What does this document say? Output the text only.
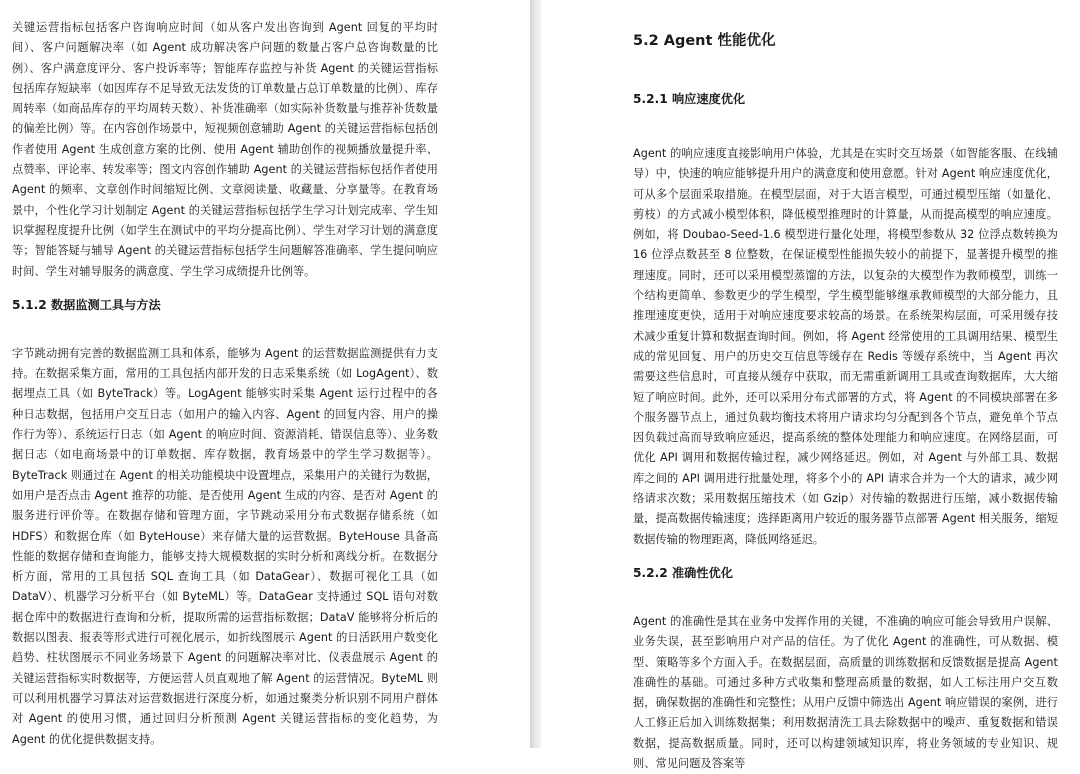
关键运营指标包括客户咨询响应时间（如从客户发出咨询到 Agent 回复的平均时间）、客户问题解决率（如 Agent 成功解决客户问题的数量占客户总咨询数量的比例）、客户满意度评分、客户投诉率等；智能库存监控与补货 Agent 的关键运营指标包括库存短缺率（如因库存不足导致无法发货的订单数量占总订单数量的比例）、库存周转率（如商品库存的平均周转天数）、补货准确率（如实际补货数量与推荐补货数量的偏差比例）等。在内容创作场景中，短视频创意辅助 Agent 的关键运营指标包括创作者使用 Agent 生成创意方案的比例、使用 Agent 辅助创作的视频播放量提升率、点赞率、评论率、转发率等；图文内容创作辅助 Agent 的关键运营指标包括作者使用 Agent 的频率、文章创作时间缩短比例、文章阅读量、收藏量、分享量等。在教育场景中，个性化学习计划制定 Agent 的关键运营指标包括学生学习计划完成率、学生知识掌握程度提升比例（如学生在测试中的平均分提高比例）、学生对学习计划的满意度等；智能答疑与辅导 Agent 的关键运营指标包括学生问题解答准确率、学生提问响应时间、学生对辅导服务的满意度、学生学习成绩提升比例等。

5.1.2 数据监测工具与方法

字节跳动拥有完善的数据监测工具和体系，能够为 Agent 的运营数据监测提供有力支持。在数据采集方面，常用的工具包括内部开发的日志采集系统（如 LogAgent）、数据埋点工具（如 ByteTrack）等。LogAgent 能够实时采集 Agent 运行过程中的各种日志数据，包括用户交互日志（如用户的输入内容、Agent 的回复内容、用户的操作行为等）、系统运行日志（如 Agent 的响应时间、资源消耗、错误信息等）、业务数据日志（如电商场景中的订单数据、库存数据，教育场景中的学生学习数据等）。ByteTrack 则通过在 Agent 的相关功能模块中设置埋点，采集用户的关键行为数据，如用户是否点击 Agent 推荐的功能、是否使用 Agent 生成的内容、是否对 Agent 的服务进行评价等。在数据存储和管理方面，字节跳动采用分布式数据存储系统（如 HDFS）和数据仓库（如 ByteHouse）来存储大量的运营数据。ByteHouse 具备高性能的数据存储和查询能力，能够支持大规模数据的实时分析和离线分析。在数据分析方面，常用的工具包括 SQL 查询工具（如 DataGear）、数据可视化工具（如 DataV）、机器学习分析平台（如 ByteML）等。DataGear 支持通过 SQL 语句对数据仓库中的数据进行查询和分析，提取所需的运营指标数据；DataV 能够将分析后的数据以图表、报表等形式进行可视化展示，如折线图展示 Agent 的日活跃用户数变化趋势、柱状图展示不同业务场景下 Agent 的问题解决率对比、仪表盘展示 Agent 的关键运营指标实时数据等，方便运营人员直观地了解 Agent 的运营情况。ByteML 则可以利用机器学习算法对运营数据进行深度分析，如通过聚类分析识别不同用户群体对 Agent 的使用习惯，通过回归分析预测 Agent 关键运营指标的变化趋势，为 Agent 的优化提供数据支持。

5.2 Agent 性能优化
5.2.1 响应速度优化

Agent 的响应速度直接影响用户体验，尤其是在实时交互场景（如智能客服、在线辅导）中，快速的响应能够提升用户的满意度和使用意愿。针对 Agent 响应速度优化，可从多个层面采取措施。在模型层面，对于大语言模型，可通过模型压缩（如量化、剪枝）的方式减小模型体积，降低模型推理时的计算量，从而提高模型的响应速度。例如，将 Doubao-Seed-1.6 模型进行量化处理，将模型参数从 32 位浮点数转换为 16 位浮点数甚至 8 位整数，在保证模型性能损失较小的前提下，显著提升模型的推理速度。同时，还可以采用模型蒸馏的方法，以复杂的大模型作为教师模型，训练一个结构更简单、参数更少的学生模型，学生模型能够继承教师模型的大部分能力，且推理速度更快，适用于对响应速度要求较高的场景。在系统架构层面，可采用缓存技术减少重复计算和数据查询时间。例如，将 Agent 经常使用的工具调用结果、模型生成的常见回复、用户的历史交互信息等缓存在 Redis 等缓存系统中，当 Agent 再次需要这些信息时，可直接从缓存中获取，而无需重新调用工具或查询数据库，大大缩短了响应时间。此外，还可以采用分布式部署的方式，将 Agent 的不同模块部署在多个服务器节点上，通过负载均衡技术将用户请求均匀分配到各个节点，避免单个节点因负载过高而导致响应延迟，提高系统的整体处理能力和响应速度。在网络层面，可优化 API 调用和数据传输过程，减少网络延迟。例如，对 Agent 与外部工具、数据库之间的 API 调用进行批量处理，将多个小的 API 请求合并为一个大的请求，减少网络请求次数；采用数据压缩技术（如 Gzip）对传输的数据进行压缩，减小数据传输量，提高数据传输速度；选择距离用户较近的服务器节点部署 Agent 相关服务，缩短数据传输的物理距离，降低网络延迟。

5.2.2 准确性优化

Agent 的准确性是其在业务中发挥作用的关键，不准确的响应可能会导致用户误解、业务失误，甚至影响用户对产品的信任。为了优化 Agent 的准确性，可从数据、模型、策略等多个方面入手。在数据层面，高质量的训练数据和反馈数据是提高 Agent 准确性的基础。可通过多种方式收集和整理高质量的数据，如人工标注用户交互数据，确保数据的准确性和完整性；从用户反馈中筛选出 Agent 响应错误的案例，进行人工修正后加入训练数据集；利用数据清洗工具去除数据中的噪声、重复数据和错误数据，提高数据质量。同时，还可以构建领域知识库，将业务领域的专业知识、规则、常见问题及答案等
